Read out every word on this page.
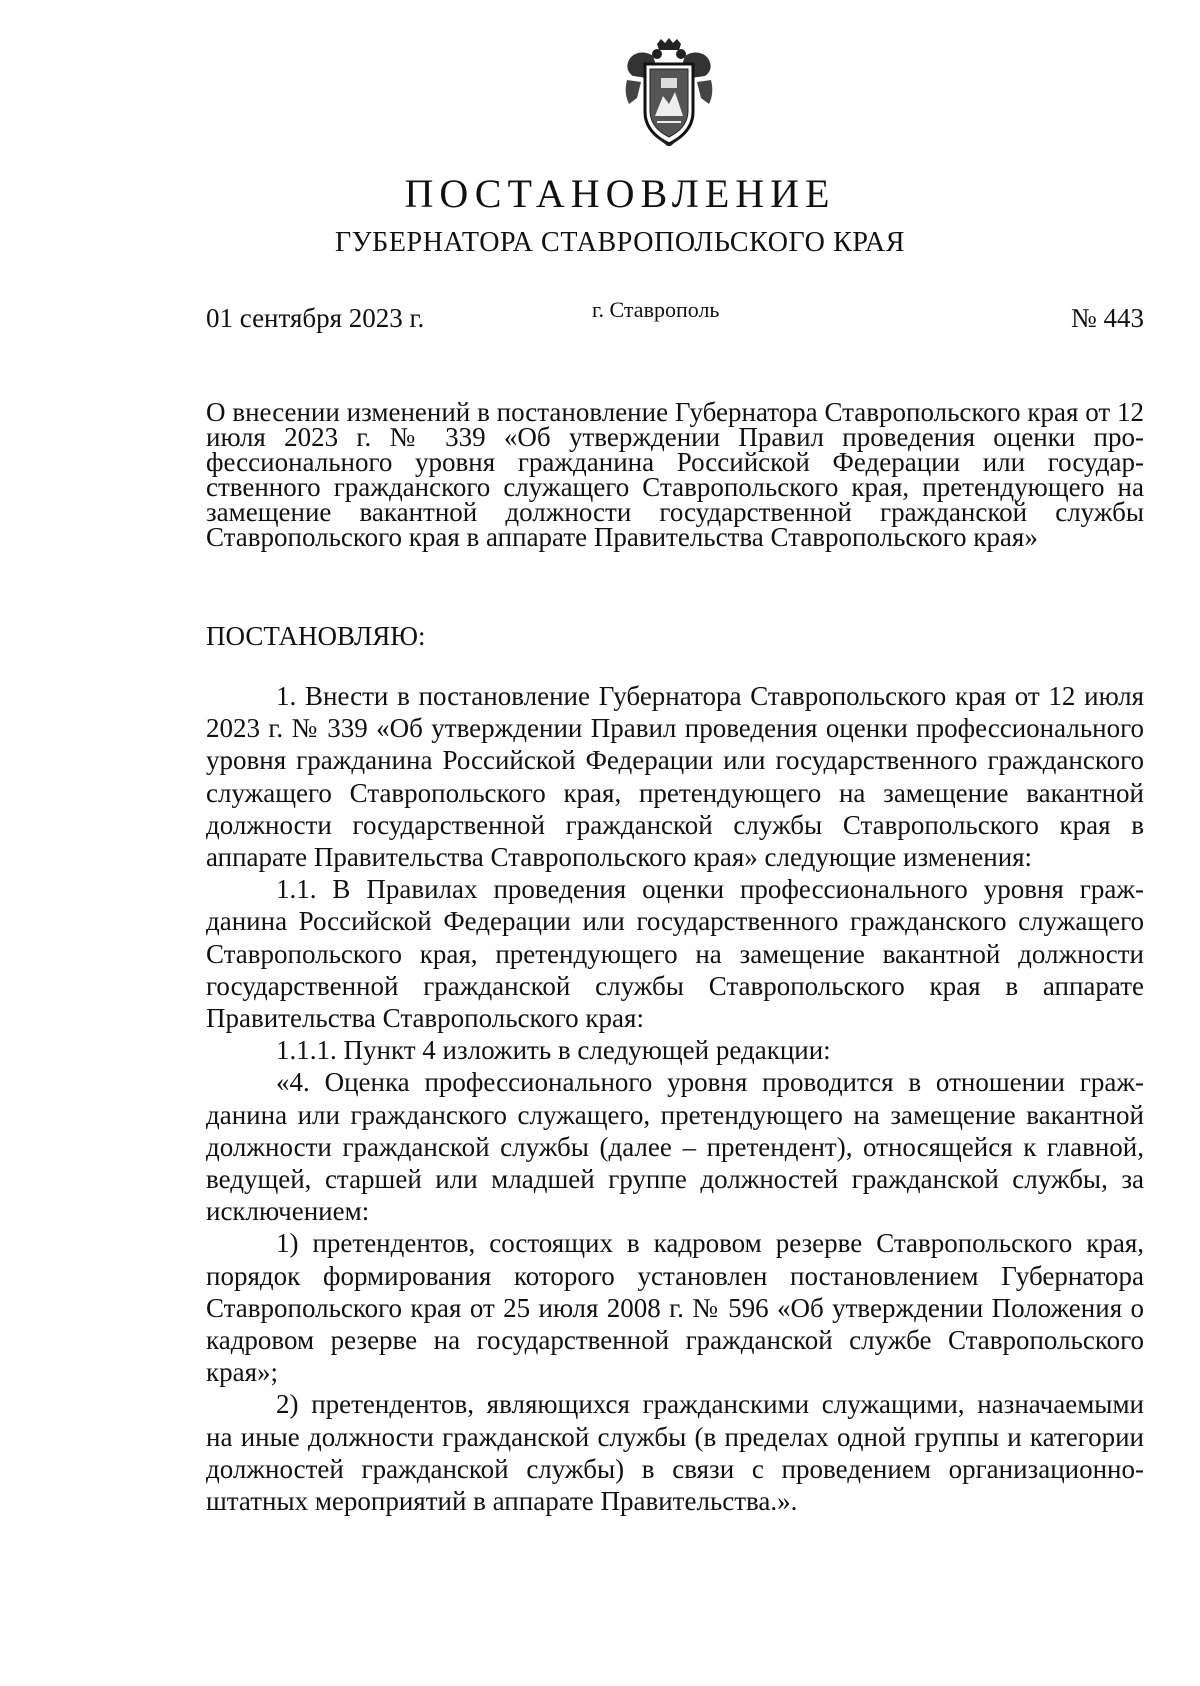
ПОСТАНОВЛЕНИЕ
ГУБЕРНАТОРА СТАВРОПОЛЬСКОГО КРАЯ
01 сентября 2023 г.	г. Ставрополь	№ 443
О внесении изменений в постановление Губернатора Ставропольского края от 12 июля 2023 г. № 339 «Об утверждении Правил проведения оценки профессионального уровня гражданина Российской Федерации или государственного гражданского служащего Ставропольского края, претендующего на замещение вакантной должности государственной гражданской службы Ставропольского края в аппарате Правительства Ставропольского края»
ПОСТАНОВЛЯЮ:

1. Внести в постановление Губернатора Ставропольского края от 12 июля 2023 г. № 339 «Об утверждении Правил проведения оценки профессионального уровня гражданина Российской Федерации или государственного гражданского служащего Ставропольского края, претендующего на замещение вакантной должности государственной гражданской службы Ставропольского края в аппарате Правительства Ставропольского края» следующие изменения:

1.1. В Правилах проведения оценки профессионального уровня гражданина Российской Федерации или государственного гражданского служащего Ставропольского края, претендующего на замещение вакантной должности государственной гражданской службы Ставропольского края в аппарате Правительства Ставропольского края:

1.1.1. Пункт 4 изложить в следующей редакции:

«4. Оценка профессионального уровня проводится в отношении гражданина или гражданского служащего, претендующего на замещение вакантной должности гражданской службы (далее – претендент), относящейся к главной, ведущей, старшей или младшей группе должностей гражданской службы, за исключением:

1) претендентов, состоящих в кадровом резерве Ставропольского края, порядок формирования которого установлен постановлением Губернатора Ставропольского края от 25 июля 2008 г. № 596 «Об утверждении Положения о кадровом резерве на государственной гражданской службе Ставропольского края»;

2) претендентов, являющихся гражданскими служащими, назначаемыми на иные должности гражданской службы (в пределах одной группы и категории должностей гражданской службы) в связи с проведением организационно-штатных мероприятий в аппарате Правительства.».
